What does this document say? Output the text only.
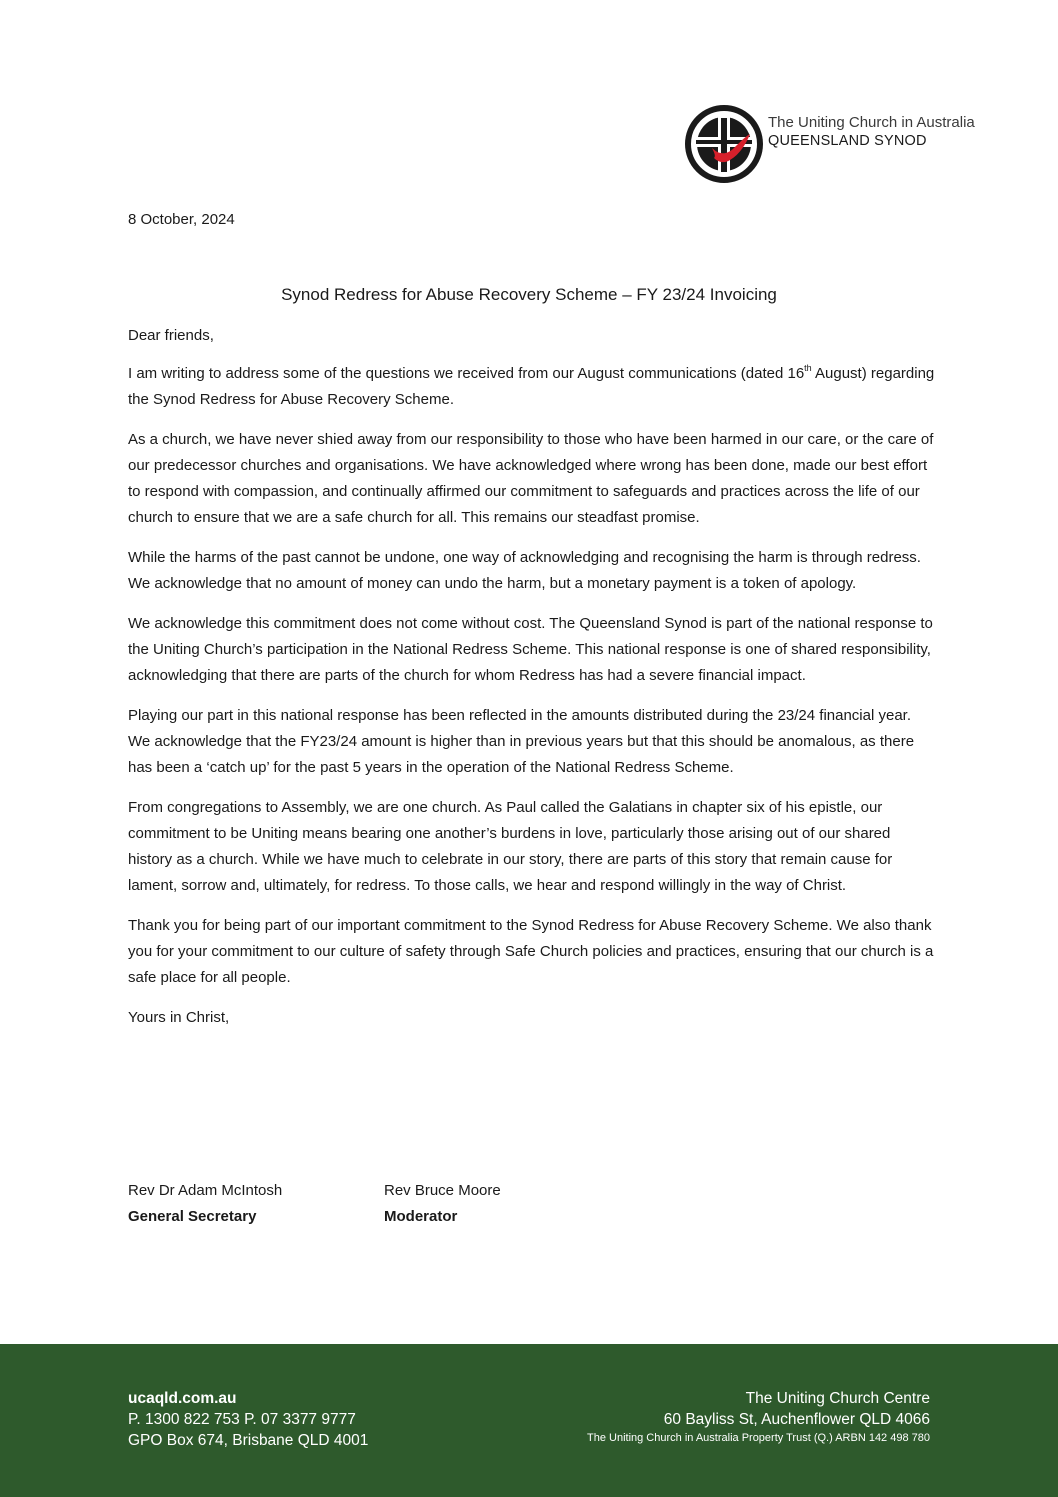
The Uniting Church in Australia
QUEENSLAND SYNOD
8 October, 2024
Synod Redress for Abuse Recovery Scheme – FY 23/24 Invoicing

Dear friends,

I am writing to address some of the questions we received from our August communications (dated 16th August) regarding the Synod Redress for Abuse Recovery Scheme.

As a church, we have never shied away from our responsibility to those who have been harmed in our care, or the care of our predecessor churches and organisations. We have acknowledged where wrong has been done, made our best effort to respond with compassion, and continually affirmed our commitment to safeguards and practices across the life of our church to ensure that we are a safe church for all. This remains our steadfast promise.

While the harms of the past cannot be undone, one way of acknowledging and recognising the harm is through redress. We acknowledge that no amount of money can undo the harm, but a monetary payment is a token of apology.

We acknowledge this commitment does not come without cost. The Queensland Synod is part of the national response to the Uniting Church’s participation in the National Redress Scheme. This national response is one of shared responsibility, acknowledging that there are parts of the church for whom Redress has had a severe financial impact.

Playing our part in this national response has been reflected in the amounts distributed during the 23/24 financial year. We acknowledge that the FY23/24 amount is higher than in previous years but that this should be anomalous, as there has been a ‘catch up’ for the past 5 years in the operation of the National Redress Scheme.

From congregations to Assembly, we are one church. As Paul called the Galatians in chapter six of his epistle, our commitment to be Uniting means bearing one another’s burdens in love, particularly those arising out of our shared history as a church. While we have much to celebrate in our story, there are parts of this story that remain cause for lament, sorrow and, ultimately, for redress. To those calls, we hear and respond willingly in the way of Christ.

Thank you for being part of our important commitment to the Synod Redress for Abuse Recovery Scheme. We also thank you for your commitment to our culture of safety through Safe Church policies and practices, ensuring that our church is a safe place for all people.

Yours in Christ,

Rev Dr Adam McIntosh
General Secretary
Rev Bruce Moore
Moderator
ucaqld.com.au
P. 1300 822 753 P. 07 3377 9777
GPO Box 674, Brisbane QLD 4001
The Uniting Church Centre
60 Bayliss St, Auchenflower QLD 4066
The Uniting Church in Australia Property Trust (Q.) ARBN 142 498 780
